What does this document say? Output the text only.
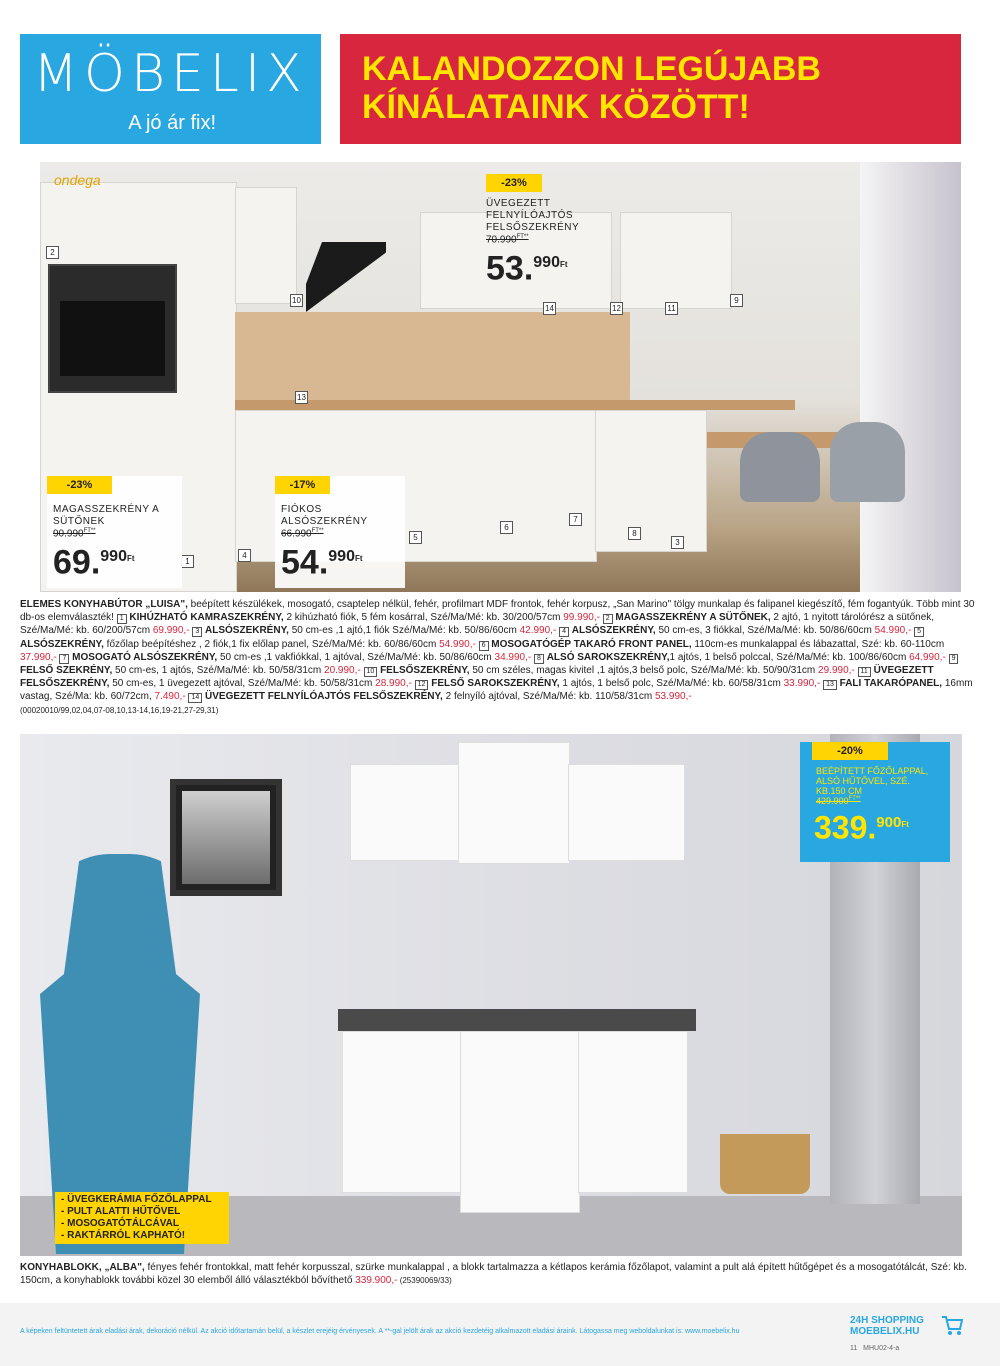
MÖBELIX
A jó ár fix!
KALANDOZZON LEGÚJABB
KÍNÁLATAINK KÖZÖTT!
ondega
2
10
14	12	11
9
13
1
4
5
6
7
8
3
-23%
ÜVEGEZETT
FELNYÍLÓAJTÓS
FELSŐSZEKRÉNY
$70.990^{FT**}$
53.$^{990Ft}$
-23%
MAGASSZEKRÉNY A
SÜTŐNEK
$90.990^{FT**}$
69.$^{990Ft}$
-17%
FIÓKOS
ALSÓSZEKRÉNY
$66.990^{FT**}$
54.$^{990Ft}$
ELEMES KONYHABÚTOR „LUISA", beépített készülékek, mosogató, csaptelep nélkül, fehér, profilmart MDF frontok, fehér korpusz, „San Marino" tölgy munkalap és falipanel kiegészítő, fém fogantyúk. Több mint 30 db-os elemválaszték! 1 KIHÚZHATÓ KAMRASZEKRÉNY, 2 kihúzható fiók, 5 fém kosárral, Szé/Ma/Mé: kb. 30/200/57cm 99.990,- 2 MAGASSZEKRÉNY A SÜTŐNEK, 2 ajtó, 1 nyitott tárolórész a sütőnek, Szé/Ma/Mé: kb. 60/200/57cm 69.990,- 3 ALSÓSZEKRÉNY, 50 cm-es ,1 ajtó,1 fiók Szé/Ma/Mé: kb. 50/86/60cm 42.990,- 4 ALSÓSZEKRÉNY, 50 cm-es, 3 fiókkal, Szé/Ma/Mé: kb. 50/86/60cm 54.990,- 5 ALSÓSZEKRÉNY, főzőlap beépítéshez , 2 fiók,1 fix előlap panel, Szé/Ma/Mé: kb. 60/86/60cm 54.990,- 6 MOSOGATÓGÉP TAKARÓ FRONT PANEL, 110cm-es munkalappal és lábazattal, Szé: kb. 60-110cm 37.990,- 7 MOSOGATÓ ALSÓSZEKRÉNY, 50 cm-es ,1 vakfiókkal, 1 ajtóval, Szé/Ma/Mé: kb. 50/86/60cm 34.990,- 8 ALSÓ SAROKSZEKRÉNY,1 ajtós, 1 belső polccal, Szé/Ma/Mé: kb. 100/86/60cm 64.990,- 9 FELSŐ SZEKRÉNY, 50 cm-es, 1 ajtós, Szé/Ma/Mé: kb. 50/58/31cm 20.990,- 10 FELSŐSZEKRÉNY, 50 cm széles, magas kivitel ,1 ajtós,3 belső polc, Szé/Ma/Mé: kb. 50/90/31cm 29.990,- 11 ÜVEGEZETT FELSŐSZEKRÉNY, 50 cm-es, 1 üvegezett ajtóval, Szé/Ma/Mé: kb. 50/58/31cm 28.990,- 12 FELSŐ SAROKSZEKRÉNY, 1 ajtós, 1 belső polc, Szé/Ma/Mé: kb. 60/58/31cm 33.990,- 13 FALI TAKARÓPANEL, 16mm vastag, Szé/Ma: kb. 60/72cm, 7.490,- 14 ÜVEGEZETT FELNYÍLÓAJTÓS FELSŐSZEKRÉNY, 2 felnyíló ajtóval, Szé/Ma/Mé: kb. 110/58/31cm 53.990,-
(00020010/99,02,04,07-08,10,13-14,16,19-21,27-29,31)
-20%
BEÉPÍTETT FŐZŐLAPPAL,
ALSÓ HŰTŐVEL, SZÉ.
KB.150 CM
$429.900^{FT**}$
339.$^{900Ft}$
- ÜVEGKERÁMIA FŐZŐLAPPAL
- PULT ALATTI HŰTŐVEL
- MOSOGATÓTÁLCÁVAL
- RAKTÁRRÓL KAPHATÓ!
KONYHABLOKK, „ALBA", fényes fehér frontokkal, matt fehér korpusszal, szürke munkalappal , a blokk tartalmazza a kétlapos kerámia főzőlapot, valamint a pult alá épített hűtőgépet és a mosogatótálcát, Szé: kb. 150cm, a konyhablokk további közel 30 elemből álló választékból bővíthető 339.900,- (25390069/33)
A képeken feltüntetett árak eladási árak, dekoráció nélkül. Az akció időtartamán belül, a készlet erejéig érvényesek. A **-gal jelölt árak az akció kezdetéig alkalmazott eladási áraink. Látogassa meg weboldalunkat is: www.moebelix.hu
24H SHOPPING
MOEBELIX.HU
11 MHU02-4-a
